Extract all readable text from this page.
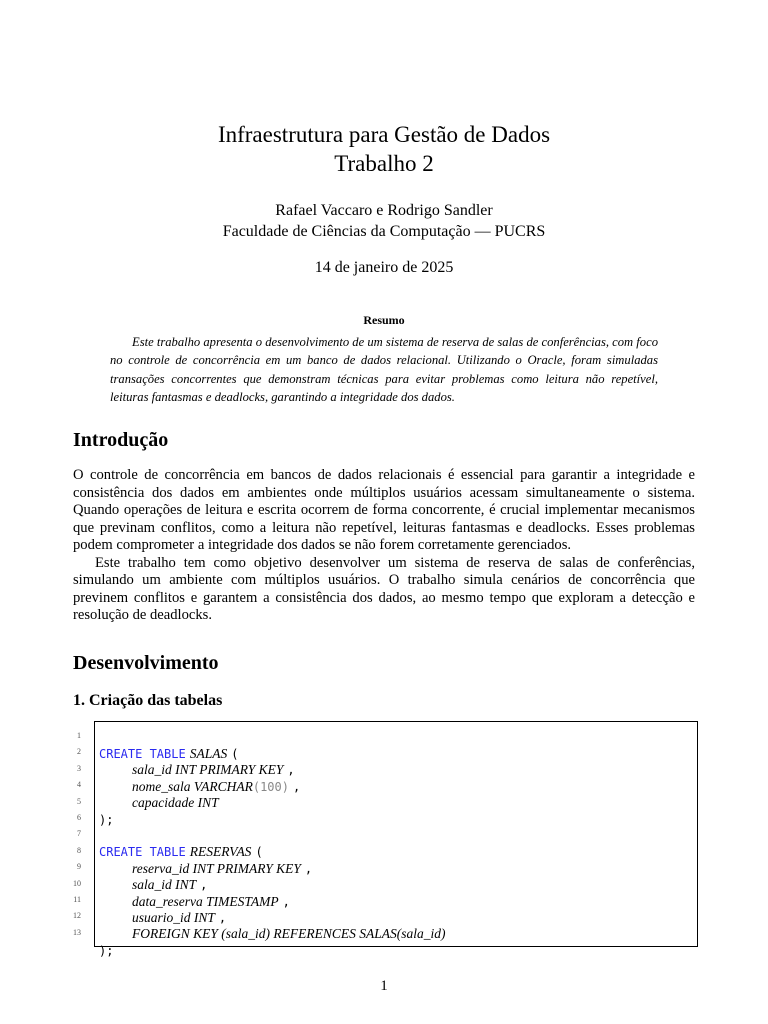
Infraestrutura para Gestão de Dados
Trabalho 2
Rafael Vaccaro e Rodrigo Sandler
Faculdade de Ciências da Computação — PUCRS
14 de janeiro de 2025
Resumo
Este trabalho apresenta o desenvolvimento de um sistema de reserva de salas de conferências, com foco no controle de concorrência em um banco de dados relacional. Utilizando o Oracle, foram simuladas transações concorrentes que demonstram técnicas para evitar problemas como leitura não repetível, leituras fantasmas e deadlocks, garantindo a integridade dos dados.
Introdução

O controle de concorrência em bancos de dados relacionais é essencial para garantir a integridade e consistência dos dados em ambientes onde múltiplos usuários acessam simultaneamente o sistema. Quando operações de leitura e escrita ocorrem de forma concorrente, é crucial implementar mecanismos que previnam conflitos, como a leitura não repetível, leituras fantasmas e deadlocks. Esses problemas podem comprometer a integridade dos dados se não forem corretamente gerenciados.

Este trabalho tem como objetivo desenvolver um sistema de reserva de salas de conferências, simulando um ambiente com múltiplos usuários. O trabalho simula cenários de concorrência que previnem conflitos e garantem a consistência dos dados, ao mesmo tempo que exploram a detecção e resolução de deadlocks.

Desenvolvimento
1. Criação das tabelas

1
CREATE TABLE SALAS (

2
sala_id INT PRIMARY KEY ,

3
nome_sala VARCHAR(100) ,

4
capacidade INT

5
);

6

7
CREATE TABLE RESERVAS (

8
reserva_id INT PRIMARY KEY ,

9
sala_id INT ,

10
data_reserva TIMESTAMP ,

11
usuario_id INT ,

12
FOREIGN KEY (sala_id) REFERENCES SALAS(sala_id)

13
);

1
